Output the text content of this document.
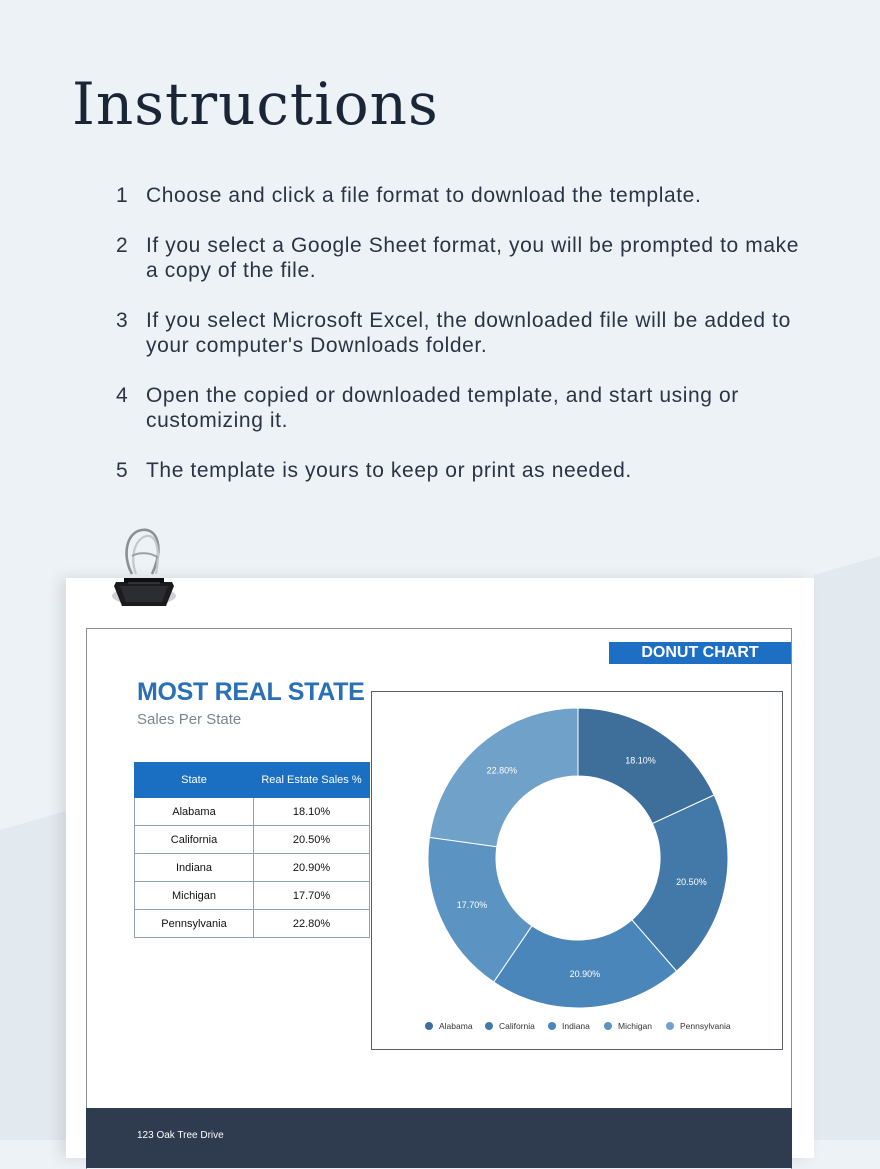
Instructions
1 Choose and click a file format to download the template.
2 If you select a Google Sheet format, you will be prompted to make a copy of the file.
3 If you select Microsoft Excel, the downloaded file will be added to your computer's Downloads folder.
4 Open the copied or downloaded template, and start using or customizing it.
5 The template is yours to keep or print as needed.
DONUT CHART
MOST REAL STATE
Sales Per State
State	Real Estate Sales %
Alabama	18.10%
California	20.50%
Indiana	20.90%
Michigan	17.70%
Pennsylvania	22.80%
18.10%
20.50%
20.90%
17.70%
22.80%
Alabama	California	Indiana	Michigan	Pennsylvania
123 Oak Tree Drive
